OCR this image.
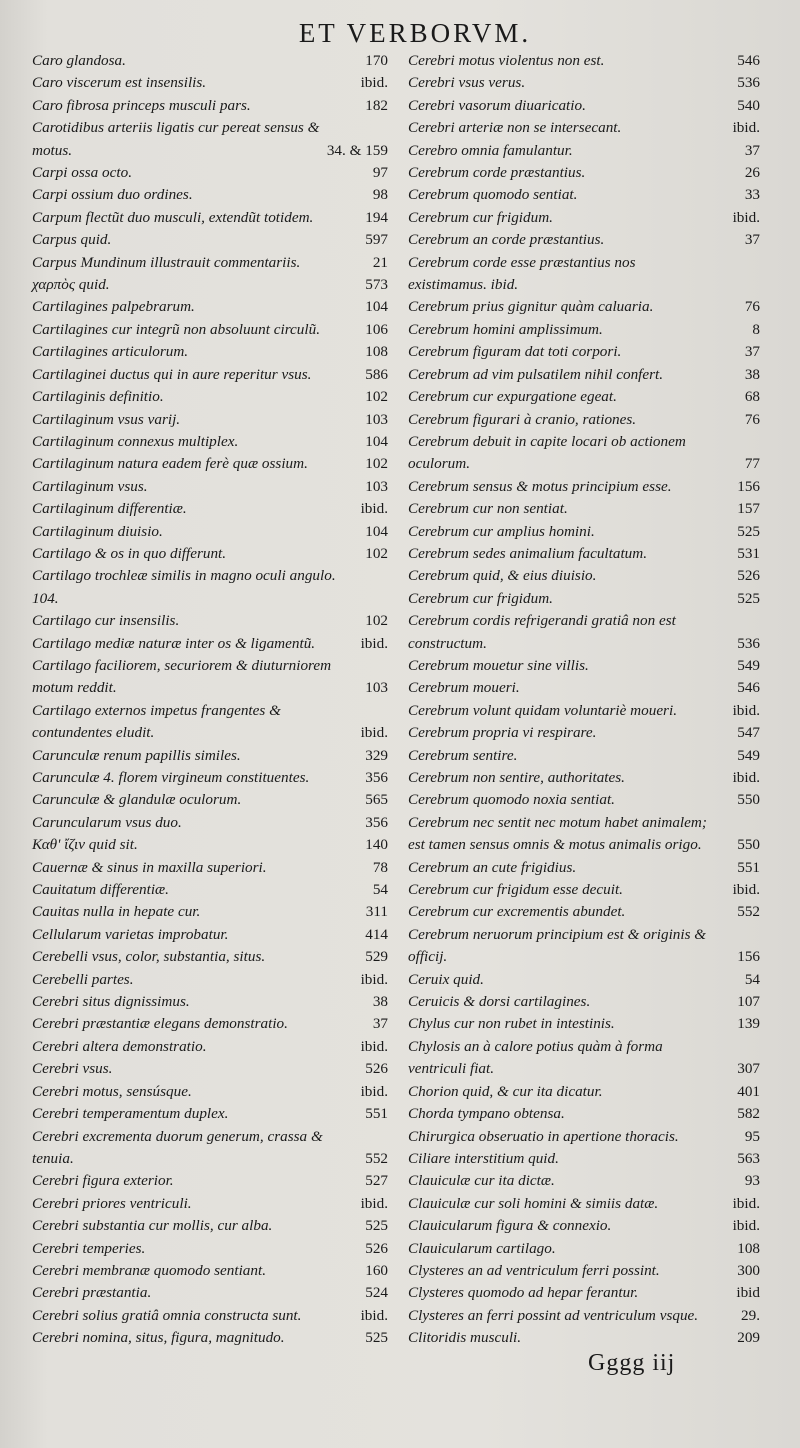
ET VERBORVM.
Caro glandosa.	170
Caro viscerum est insensilis.	ibid.
Caro fibrosa princeps musculi pars.	182
Carotidibus arteriis ligatis cur pereat sensus & motus.	34. & 159
Carpi ossa octo.	97
Carpi ossium duo ordines.	98
Carpum flectũt duo musculi, extendũt totidem.	194
Carpus quid.	597
Carpus Mundinum illustrauit commentariis.	21
χαρπὸς quid.	573
Cartilagines palpebrarum.	104
Cartilagines cur integrũ non absoluunt circulũ.	106
Cartilagines articulorum.	108
Cartilaginei ductus qui in aure reperitur vsus.	586
Cartilaginis definitio.	102
Cartilaginum vsus varij.	103
Cartilaginum connexus multiplex.	104
Cartilaginum natura eadem ferè quæ ossium.	102
Cartilaginum vsus.	103
Cartilaginum differentiæ.	ibid.
Cartilaginum diuisio.	104
Cartilago & os in quo differunt.	102
Cartilago trochleæ similis in magno oculi angulo. 104.
Cartilago cur insensilis.	102
Cartilago mediæ naturæ inter os & ligamentũ.	ibid.
Cartilago faciliorem, securiorem & diuturniorem motum reddit.	103
Cartilago externos impetus frangentes & contundentes eludit.	ibid.
Carunculæ renum papillis similes.	329
Carunculæ 4. florem virgineum constituentes.	356
Carunculæ & glandulæ oculorum.	565
Caruncularum vsus duo.	356
Καθ' ἴζιν quid sit.	140
Cauernæ & sinus in maxilla superiori.	78
Cauitatum differentiæ.	54
Cauitas nulla in hepate cur.	311
Cellularum varietas improbatur.	414
Cerebelli vsus, color, substantia, situs.	529
Cerebelli partes.	ibid.
Cerebri situs dignissimus.	38
Cerebri præstantiæ elegans demonstratio.	37
Cerebri altera demonstratio.	ibid.
Cerebri vsus.	526
Cerebri motus, sensúsque.	ibid.
Cerebri temperamentum duplex.	551
Cerebri excrementa duorum generum, crassa & tenuia.	552
Cerebri figura exterior.	527
Cerebri priores ventriculi.	ibid.
Cerebri substantia cur mollis, cur alba.	525
Cerebri temperies.	526
Cerebri membranæ quomodo sentiant.	160
Cerebri præstantia.	524
Cerebri solius gratiâ omnia constructa sunt.	ibid.
Cerebri nomina, situs, figura, magnitudo.	525
Cerebri motus violentus non est.	546
Cerebri vsus verus.	536
Cerebri vasorum diuaricatio.	540
Cerebri arteriæ non se intersecant.	ibid.
Cerebro omnia famulantur.	37
Cerebrum corde præstantius.	26
Cerebrum quomodo sentiat.	33
Cerebrum cur frigidum.	ibid.
Cerebrum an corde præstantius.	37
Cerebrum corde esse præstantius nos existimamus. ibid.
Cerebrum prius gignitur quàm caluaria.	76
Cerebrum homini amplissimum.	8
Cerebrum figuram dat toti corpori.	37
Cerebrum ad vim pulsatilem nihil confert.	38
Cerebrum cur expurgatione egeat.	68
Cerebrum figurari à cranio, rationes.	76
Cerebrum debuit in capite locari ob actionem oculorum.	77
Cerebrum sensus & motus principium esse.	156
Cerebrum cur non sentiat.	157
Cerebrum cur amplius homini.	525
Cerebrum sedes animalium facultatum.	531
Cerebrum quid, & eius diuisio.	526
Cerebrum cur frigidum.	525
Cerebrum cordis refrigerandi gratiâ non est constructum.	536
Cerebrum mouetur sine villis.	549
Cerebrum moueri.	546
Cerebrum volunt quidam voluntariè moueri.	ibid.
Cerebrum propria vi respirare.	547
Cerebrum sentire.	549
Cerebrum non sentire, authoritates.	ibid.
Cerebrum quomodo noxia sentiat.	550
Cerebrum nec sentit nec motum habet animalem; est tamen sensus omnis & motus animalis origo.	550
Cerebrum an cute frigidius.	551
Cerebrum cur frigidum esse decuit.	ibid.
Cerebrum cur excrementis abundet.	552
Cerebrum neruorum principium est & originis & officij.	156
Ceruix quid.	54
Ceruicis & dorsi cartilagines.	107
Chylus cur non rubet in intestinis.	139
Chylosis an à calore potius quàm à forma ventriculi fiat.	307
Chorion quid, & cur ita dicatur.	401
Chorda tympano obtensa.	582
Chirurgica obseruatio in apertione thoracis.	95
Ciliare interstitium quid.	563
Clauiculæ cur ita dictæ.	93
Clauiculæ cur soli homini & simiis datæ.	ibid.
Clauicularum figura & connexio.	ibid.
Clauicularum cartilago.	108
Clysteres an ad ventriculum ferri possint.	300
Clysteres quomodo ad hepar ferantur.	ibid
Clysteres an ferri possint ad ventriculum vsque.	29.
Clitoridis musculi.	209
Gggg iij
